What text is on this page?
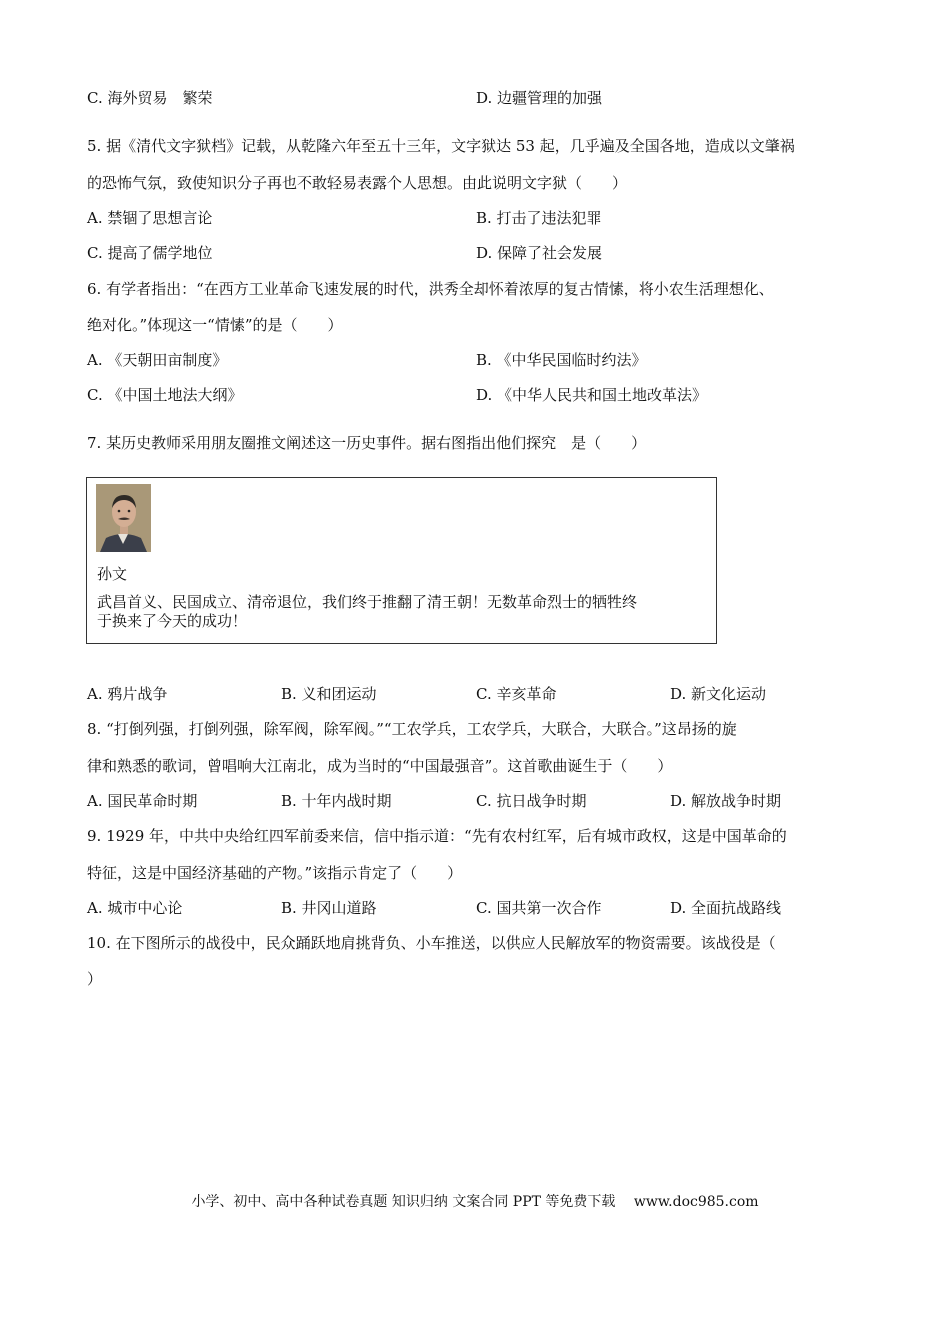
C. 海外贸易　繁荣	D. 边疆管理的加强
5. 据《清代文字狱档》记载，从乾隆六年至五十三年，文字狱达 53 起，几乎遍及全国各地，造成以文肇祸
的恐怖气氛，致使知识分子再也不敢轻易表露个人思想。由此说明文字狱（　　）
A. 禁锢了思想言论	B. 打击了违法犯罪
C. 提高了儒学地位	D. 保障了社会发展
6. 有学者指出：“在西方工业革命飞速发展的时代，洪秀全却怀着浓厚的复古情愫，将小农生活理想化、
绝对化。”体现这一“情愫”的是（　　）
A. 《天朝田亩制度》	B. 《中华民国临时约法》
C. 《中国土地法大纲》	D. 《中华人民共和国土地改革法》
7. 某历史教师采用朋友圈推文阐述这一历史事件。据右图指出他们探究　是（　　）
孙文
武昌首义、民国成立、清帝退位，我们终于推翻了清王朝！无数革命烈士的牺牲终
于换来了今天的成功！
A. 鸦片战争	B. 义和团运动	C. 辛亥革命	D. 新文化运动
8. “打倒列强，打倒列强，除军阀，除军阀。”“工农学兵，工农学兵，大联合，大联合。”这昂扬的旋
律和熟悉的歌词，曾唱响大江南北，成为当时的“中国最强音”。这首歌曲诞生于（　　）
A. 国民革命时期	B. 十年内战时期	C. 抗日战争时期	D. 解放战争时期
9. 1929 年，中共中央给红四军前委来信，信中指示道：“先有农村红军，后有城市政权，这是中国革命的
特征，这是中国经济基础的产物。”该指示肯定了（　　）
A. 城市中心论	B. 井冈山道路	C. 国共第一次合作	D. 全面抗战路线
10. 在下图所示的战役中，民众踊跃地肩挑背负、小车推送，以供应人民解放军的物资需要。该战役是（
）
小学、初中、高中各种试卷真题 知识归纳 文案合同 PPT 等免费下载　 www.doc985.com
